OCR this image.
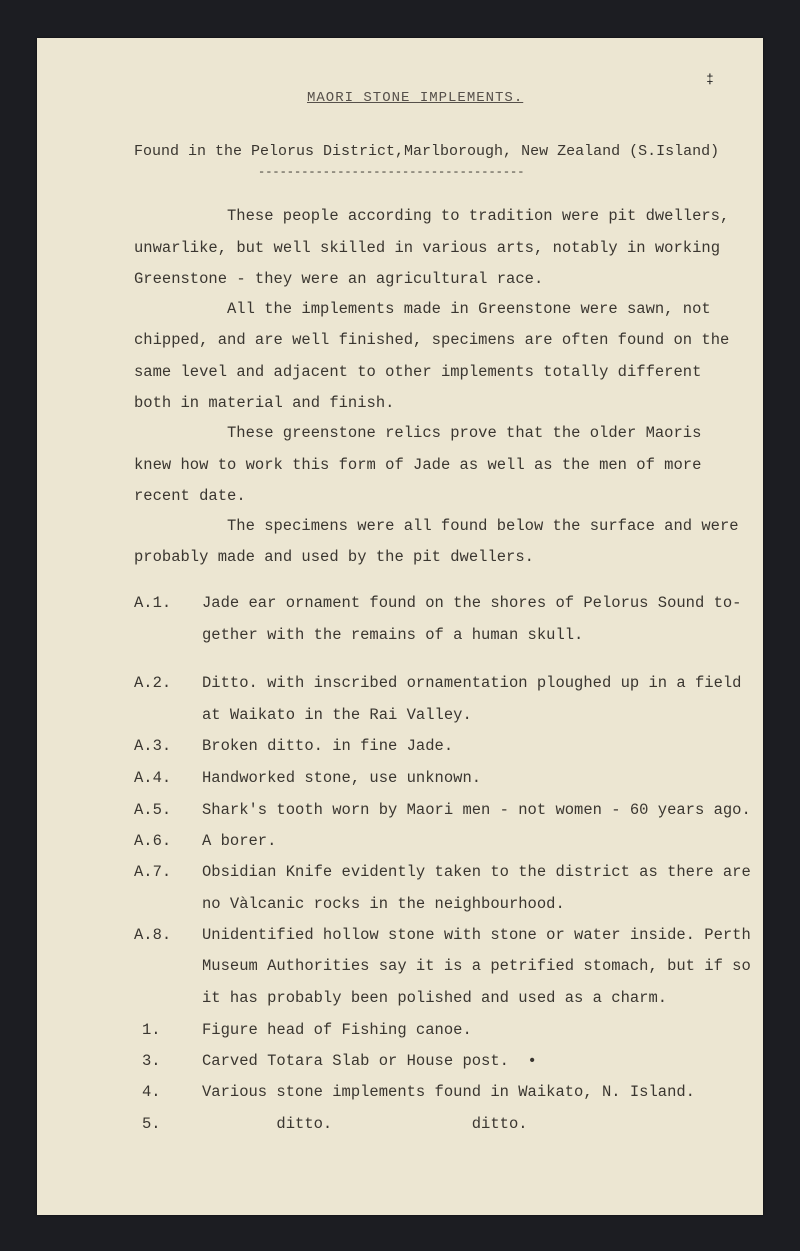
‡
MAORI STONE IMPLEMENTS.
Found in the Pelorus District,Marlborough, New Zealand (S.Island)
-------------------------------------
These people according to tradition were pit dwellers,
unwarlike, but well skilled in various arts, notably in working
Greenstone - they were an agricultural race.
All the implements made in Greenstone were sawn, not
chipped, and are well finished, specimens are often found on the
same level and adjacent to other implements totally different
both in material and finish.
These greenstone relics prove that the older Maoris
knew how to work this form of Jade as well as the men of more
recent date.
The specimens were all found below the surface and were
probably made and used by the pit dwellers.
A.1. Jade ear ornament found on the shores of Pelorus Sound to-
gether with the remains of a human skull.
A.2. Ditto. with inscribed ornamentation ploughed up in a field
at Waikato in the Rai Valley.
A.3. Broken ditto. in fine Jade.
A.4. Handworked stone, use unknown.
A.5. Shark's tooth worn by Maori men - not women - 60 years ago.
A.6. A borer.
A.7. Obsidian Knife evidently taken to the district as there are
no Vàlcanic rocks in the neighbourhood.
A.8. Unidentified hollow stone with stone or water inside. Perth
Museum Authorities say it is a petrified stomach, but if so
it has probably been polished and used as a charm.
1.	Figure head of Fishing canoe.
3.	Carved Totara Slab or House post.  •
4.	Various stone implements found in Waikato, N. Island.
5.	ditto.               ditto.
